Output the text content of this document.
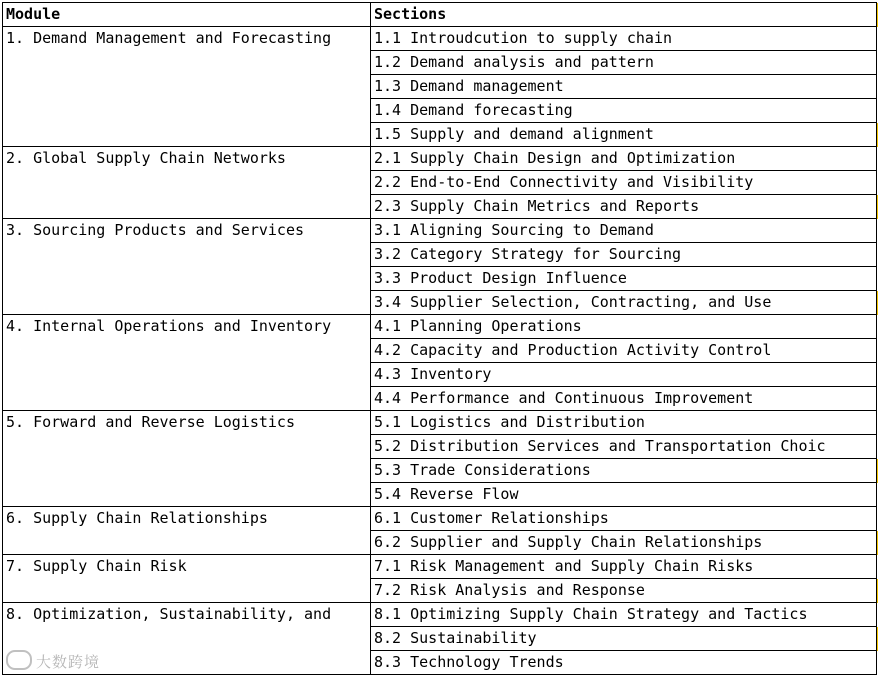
Module	Sections	
1. Demand Management and Forecasting	1.1 Introudcution to supply chain	
	1.2 Demand analysis and pattern	
	1.3 Demand management	
	1.4 Demand forecasting	
	1.5 Supply and demand alignment	
2. Global Supply Chain Networks	2.1 Supply Chain Design and Optimization	
	2.2 End-to-End Connectivity and Visibility	
	2.3 Supply Chain Metrics and Reports	
3. Sourcing Products and Services	3.1 Aligning Sourcing to Demand	
	3.2 Category Strategy for Sourcing	
	3.3 Product Design Influence	
	3.4 Supplier Selection, Contracting, and Use	
4. Internal Operations and Inventory	4.1 Planning Operations	
	4.2 Capacity and Production Activity Control	
	4.3 Inventory	
	4.4 Performance and Continuous Improvement	
5. Forward and Reverse Logistics	5.1 Logistics and Distribution	
	5.2 Distribution Services and Transportation Choic	
	5.3 Trade Considerations	
	5.4 Reverse Flow	
6. Supply Chain Relationships	6.1 Customer Relationships	
	6.2 Supplier and Supply Chain Relationships	
7. Supply Chain Risk	7.1 Risk Management and Supply Chain Risks	
	7.2 Risk Analysis and Response	
8. Optimization, Sustainability, and	8.1 Optimizing Supply Chain Strategy and Tactics	
	8.2 Sustainability	
	8.3 Technology Trends	
大数跨境
